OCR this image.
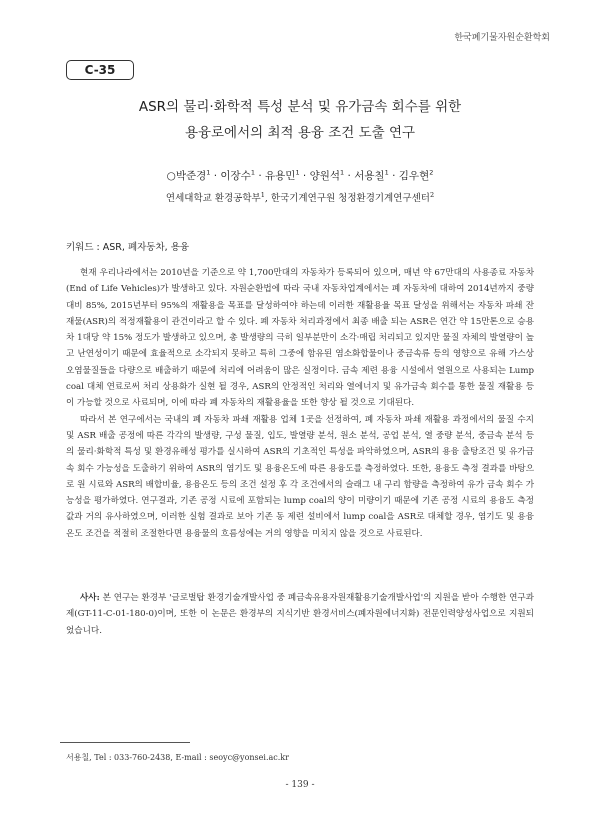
한국폐기물자원순환학회
C-35
ASR의 물리·화학적 특성 분석 및 유가금속 회수를 위한
용융로에서의 최적 용융 조건 도출 연구
○박준경$^1$ · 이장수$^1$ · 유용민$^1$ · 양원석$^1$ · 서용칠$^1$ · 김우현$^2$
연세대학교 환경공학부$^1$, 한국기계연구원 청정환경기계연구센터$^2$
키워드 : ASR, 폐자동차, 용융

현재 우리나라에서는 2010년을 기준으로 약 1,700만대의 자동차가 등록되어 있으며, 매년 약 67만대의 사용종료 자동차(End of Life Vehicles)가 발생하고 있다. 자원순환법에 따라 국내 자동차업계에서는 폐 자동차에 대하여 2014년까지 중량 대비 85%, 2015년부터 95%의 재활용을 목표를 달성하여야 하는데 이러한 재활용율 목표 달성을 위해서는 자동차 파쇄 잔재물(ASR)의 적정재활용이 관건이라고 할 수 있다. 폐 자동차 처리과정에서 최종 배출 되는 ASR은 연간 약 15만톤으로 승용차 1대당 약 15% 정도가 발생하고 있으며, 총 발생량의 극히 일부분만이 소각·매립 처리되고 있지만 물질 자체의 발열량이 높고 난연성이기 때문에 효율적으로 소각되지 못하고 특히 그중에 함유된 염소화합물이나 중금속류 등의 영향으로 유해 가스상 오염물질들을 다량으로 배출하기 때문에 처리에 어려움이 많은 실정이다. 금속 제련 용융 시설에서 열원으로 사용되는 Lump coal 대체 연료로써 처리 상용화가 실현 될 경우, ASR의 안정적인 처리와 열에너지 및 유가금속 회수를 통한 물질 재활용 등이 가능할 것으로 사료되며, 이에 따라 폐 자동차의 재활용율을 또한 향상 될 것으로 기대된다.

따라서 본 연구에서는 국내의 폐 자동차 파쇄 재활용 업체 1곳을 선정하여, 폐 자동차 파쇄 재활용 과정에서의 물질 수지 및 ASR 배출 공정에 따른 각각의 발생량, 구성 물질, 입도, 발열량 분석, 원소 분석, 공업 분석, 열 중량 분석, 중금속 분석 등의 물리·화학적 특성 및 환경유해성 평가를 실시하여 ASR의 기초적인 특성을 파악하였으며, ASR의 용융 출탕조건 및 유가금속 회수 가능성을 도출하기 위하여 ASR의 염기도 및 용융온도에 따른 용융도를 측정하였다. 또한, 용융도 측정 결과를 바탕으로 원 시료와 ASR의 배합비율, 용융온도 등의 조건 설정 후 각 조건에서의 슬래그 내 구리 함량을 측정하여 유가 금속 회수 가능성을 평가하였다. 연구결과, 기존 공정 시료에 포함되는 lump coal의 양이 미량이기 때문에 기존 공정 시료의 용융도 측정값과 거의 유사하였으며, 이러한 실험 결과로 보아 기존 동 제련 설비에서 lump coal을 ASR로 대체할 경우, 염기도 및 용융온도 조건을 적절히 조절한다면 용융물의 흐름성에는 거의 영향을 미치지 않을 것으로 사료된다.

사사: 본 연구는 환경부 '글로벌탑 환경기술개발사업 중 폐금속유용자원재활용기술개발사업'의 지원을 받아 수행한 연구과제(GT-11-C-01-180-0)이며, 또한 이 논문은 환경부의 지식기반 환경서비스(폐자원에너지화) 전문인력양성사업으로 지원되었습니다.

서용칠, Tel : 033-760-2438, E-mail : seoyc@yonsei.ac.kr
- 139 -
